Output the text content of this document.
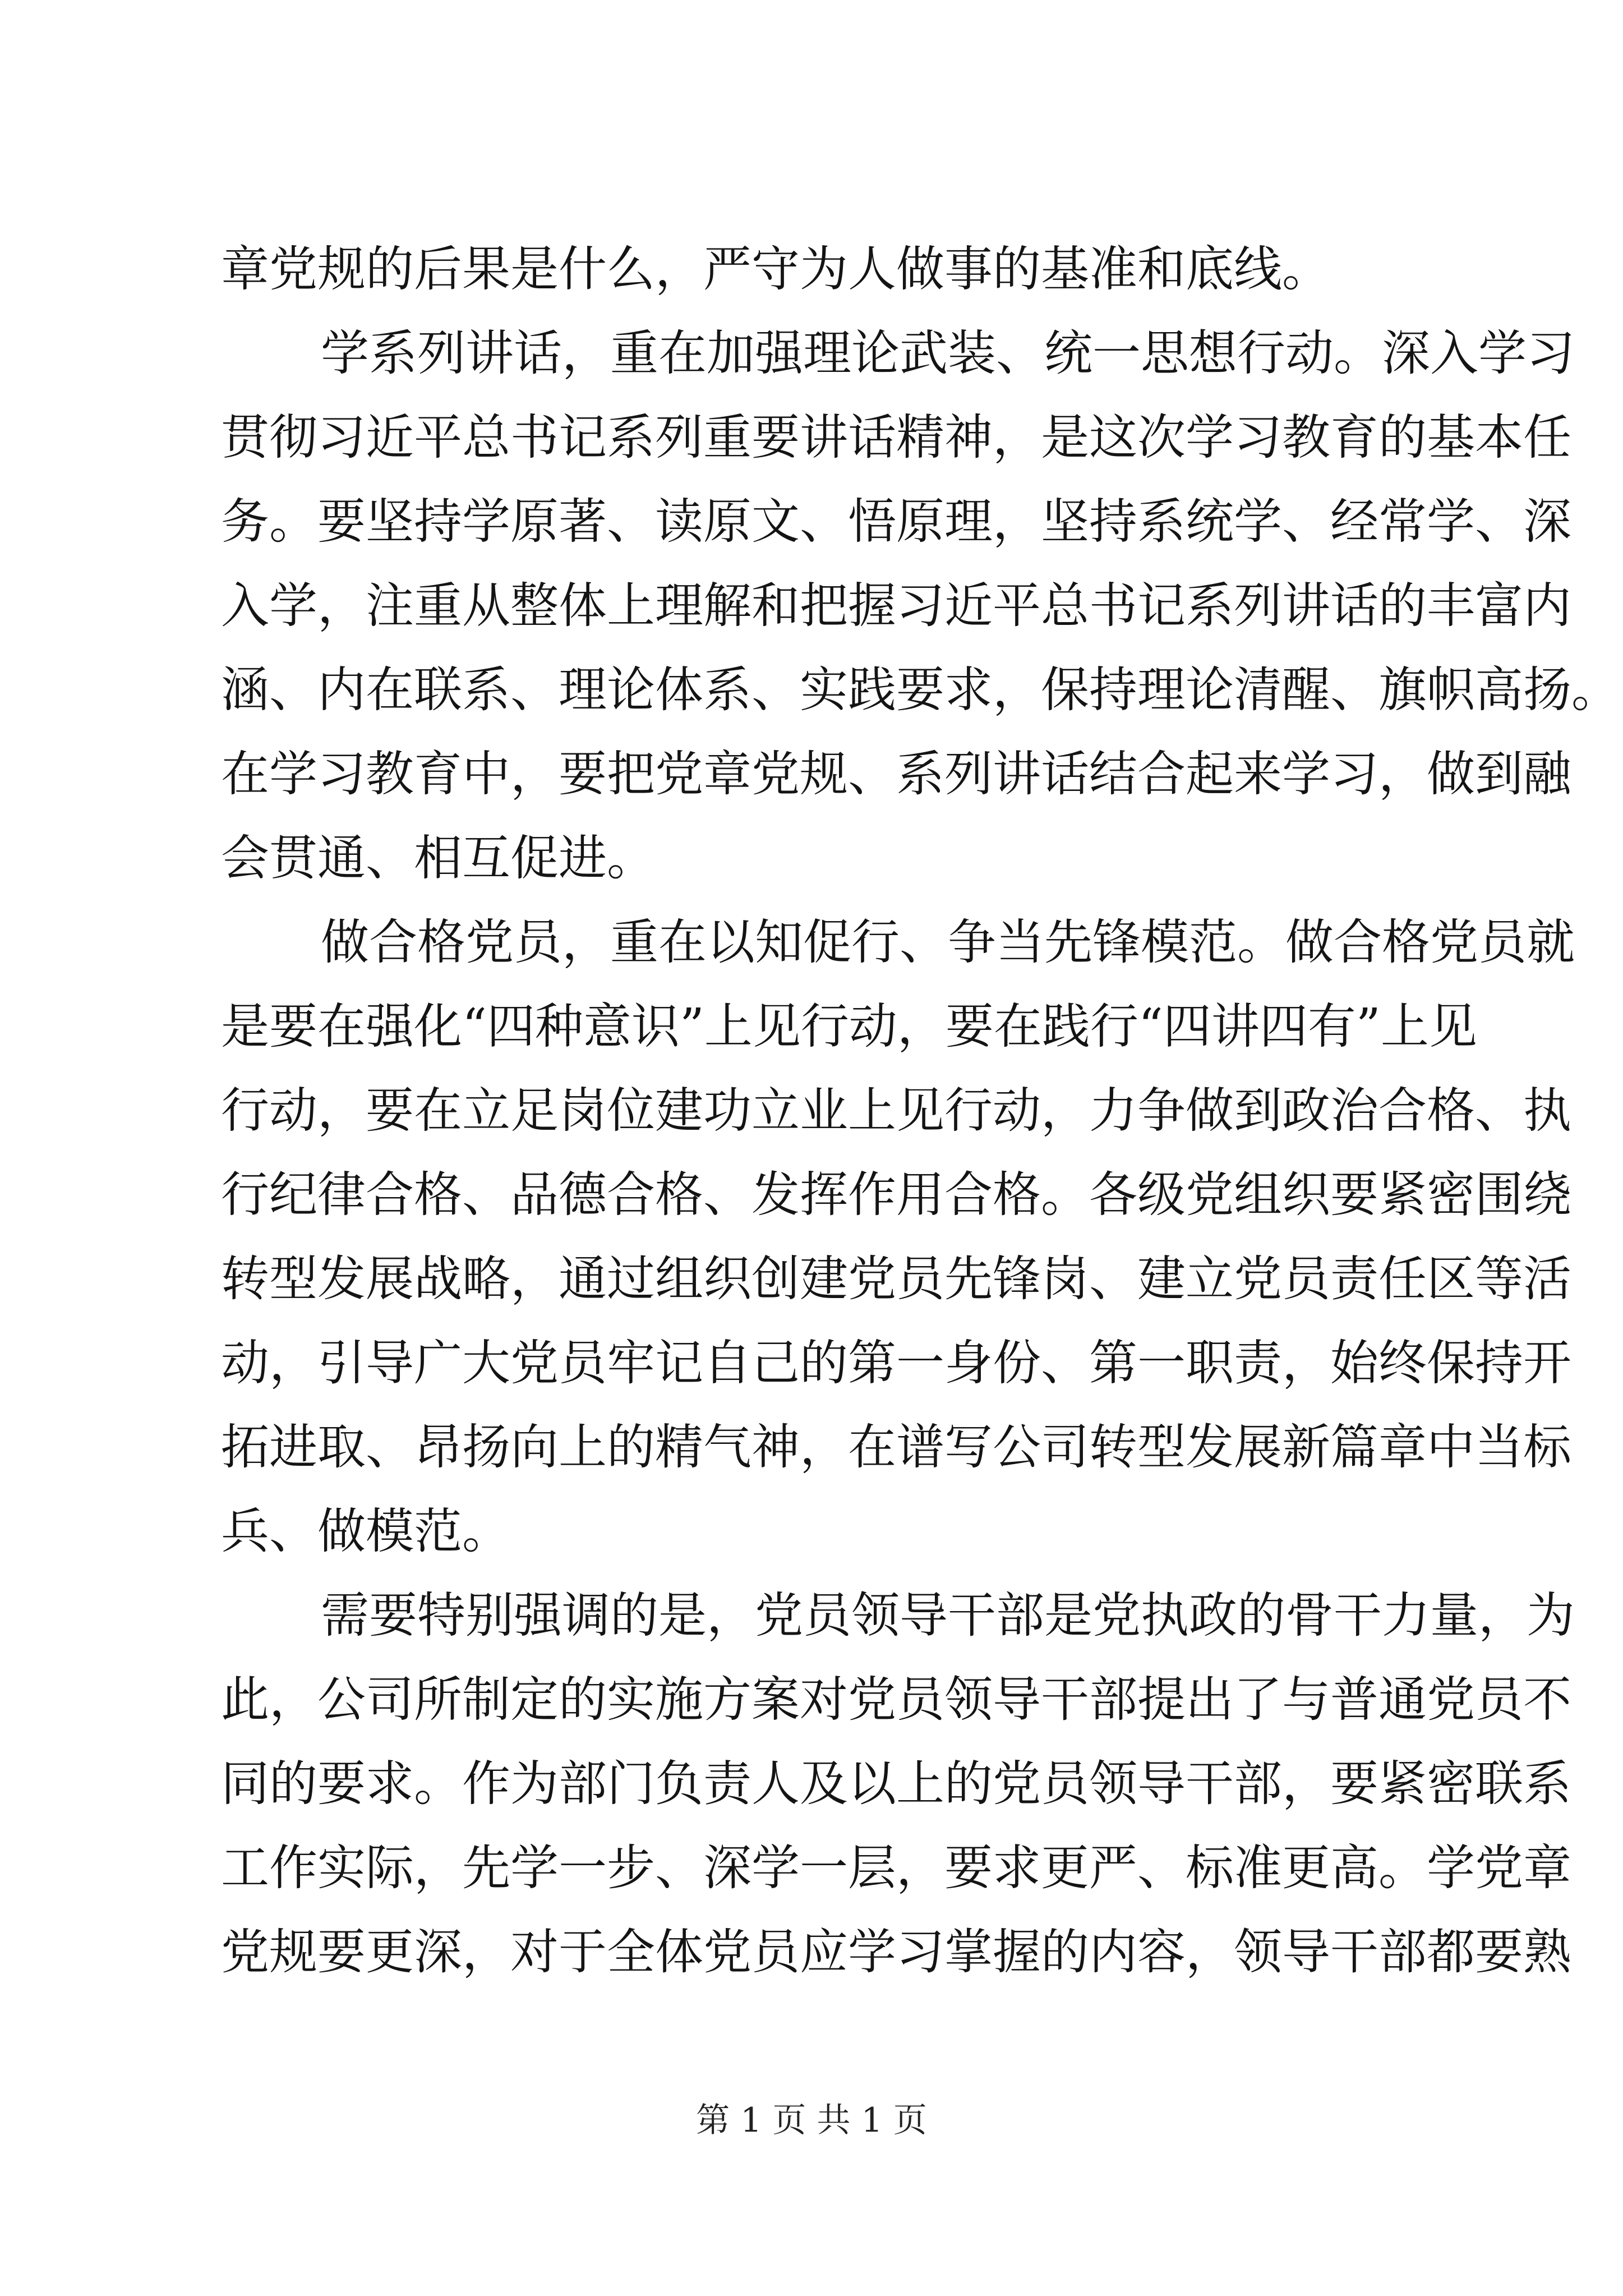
章党规的后果是什么，严守为人做事的基准和底线。
学系列讲话，重在加强理论武装、统一思想行动。深入学习
贯彻习近平总书记系列重要讲话精神，是这次学习教育的基本任
务。要坚持学原著、读原文、悟原理，坚持系统学、经常学、深
入学，注重从整体上理解和把握习近平总书记系列讲话的丰富内
涵、内在联系、理论体系、实践要求，保持理论清醒、旗帜高扬。
在学习教育中，要把党章党规、系列讲话结合起来学习，做到融
会贯通、相互促进。
做合格党员，重在以知促行、争当先锋模范。做合格党员就
是要在强化“四种意识”上见行动，要在践行“四讲四有”上见
行动，要在立足岗位建功立业上见行动，力争做到政治合格、执
行纪律合格、品德合格、发挥作用合格。各级党组织要紧密围绕
转型发展战略，通过组织创建党员先锋岗、建立党员责任区等活
动，引导广大党员牢记自己的第一身份、第一职责，始终保持开
拓进取、昂扬向上的精气神，在谱写公司转型发展新篇章中当标
兵、做模范。
需要特别强调的是，党员领导干部是党执政的骨干力量，为
此，公司所制定的实施方案对党员领导干部提出了与普通党员不
同的要求。作为部门负责人及以上的党员领导干部，要紧密联系
工作实际，先学一步、深学一层，要求更严、标准更高。学党章
党规要更深，对于全体党员应学习掌握的内容，领导干部都要熟
第 1 页 共 1 页
